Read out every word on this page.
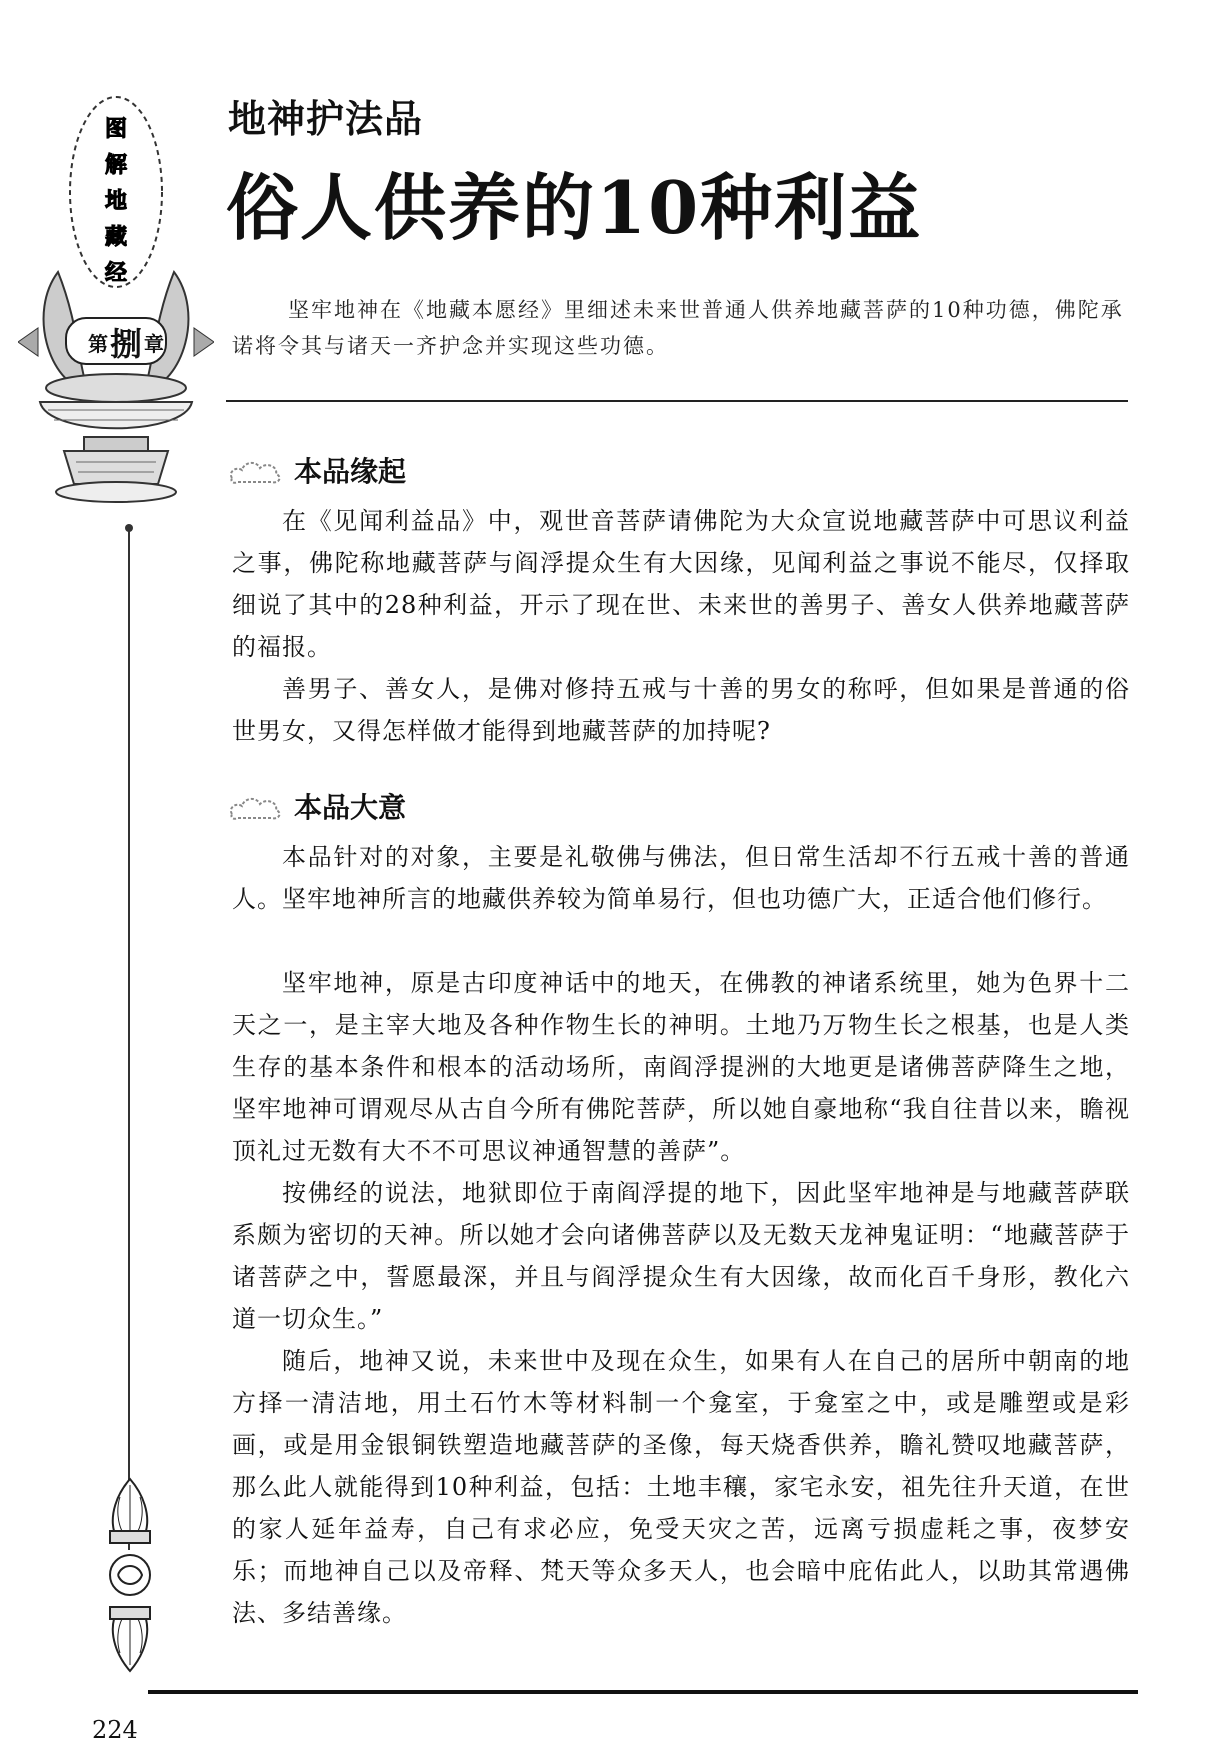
图
解
地
藏
经
第 捌 章
地神护法品
俗人供养的10种利益
坚牢地神在《地藏本愿经》里细述未来世普通人供养地藏菩萨的10种功德，佛陀承诺将令其与诸天一齐护念并实现这些功德。
本品缘起

在《见闻利益品》中，观世音菩萨请佛陀为大众宣说地藏菩萨中可思议利益之事，佛陀称地藏菩萨与阎浮提众生有大因缘，见闻利益之事说不能尽，仅择取细说了其中的28种利益，开示了现在世、未来世的善男子、善女人供养地藏菩萨的福报。

善男子、善女人，是佛对修持五戒与十善的男女的称呼，但如果是普通的俗世男女，又得怎样做才能得到地藏菩萨的加持呢?

本品大意

本品针对的对象，主要是礼敬佛与佛法，但日常生活却不行五戒十善的普通人。坚牢地神所言的地藏供养较为简单易行，但也功德广大，正适合他们修行。

坚牢地神，原是古印度神话中的地天，在佛教的神诸系统里，她为色界十二天之一，是主宰大地及各种作物生长的神明。土地乃万物生长之根基，也是人类生存的基本条件和根本的活动场所，南阎浮提洲的大地更是诸佛菩萨降生之地，坚牢地神可谓观尽从古自今所有佛陀菩萨，所以她自豪地称“我自往昔以来，瞻视顶礼过无数有大不不可思议神通智慧的善萨”。

按佛经的说法，地狱即位于南阎浮提的地下，因此坚牢地神是与地藏菩萨联系颇为密切的天神。所以她才会向诸佛菩萨以及无数天龙神鬼证明：“地藏菩萨于诸菩萨之中，誓愿最深，并且与阎浮提众生有大因缘，故而化百千身形，教化六道一切众生。”

随后，地神又说，未来世中及现在众生，如果有人在自己的居所中朝南的地方择一清洁地，用土石竹木等材料制一个龛室，于龛室之中，或是雕塑或是彩画，或是用金银铜铁塑造地藏菩萨的圣像，每天烧香供养，瞻礼赞叹地藏菩萨，那么此人就能得到10种利益，包括：土地丰穰，家宅永安，祖先往升天道，在世的家人延年益寿，自己有求必应，免受天灾之苦，远离亏损虚耗之事，夜梦安乐；而地神自己以及帝释、梵天等众多天人，也会暗中庇佑此人，以助其常遇佛法、多结善缘。

224
